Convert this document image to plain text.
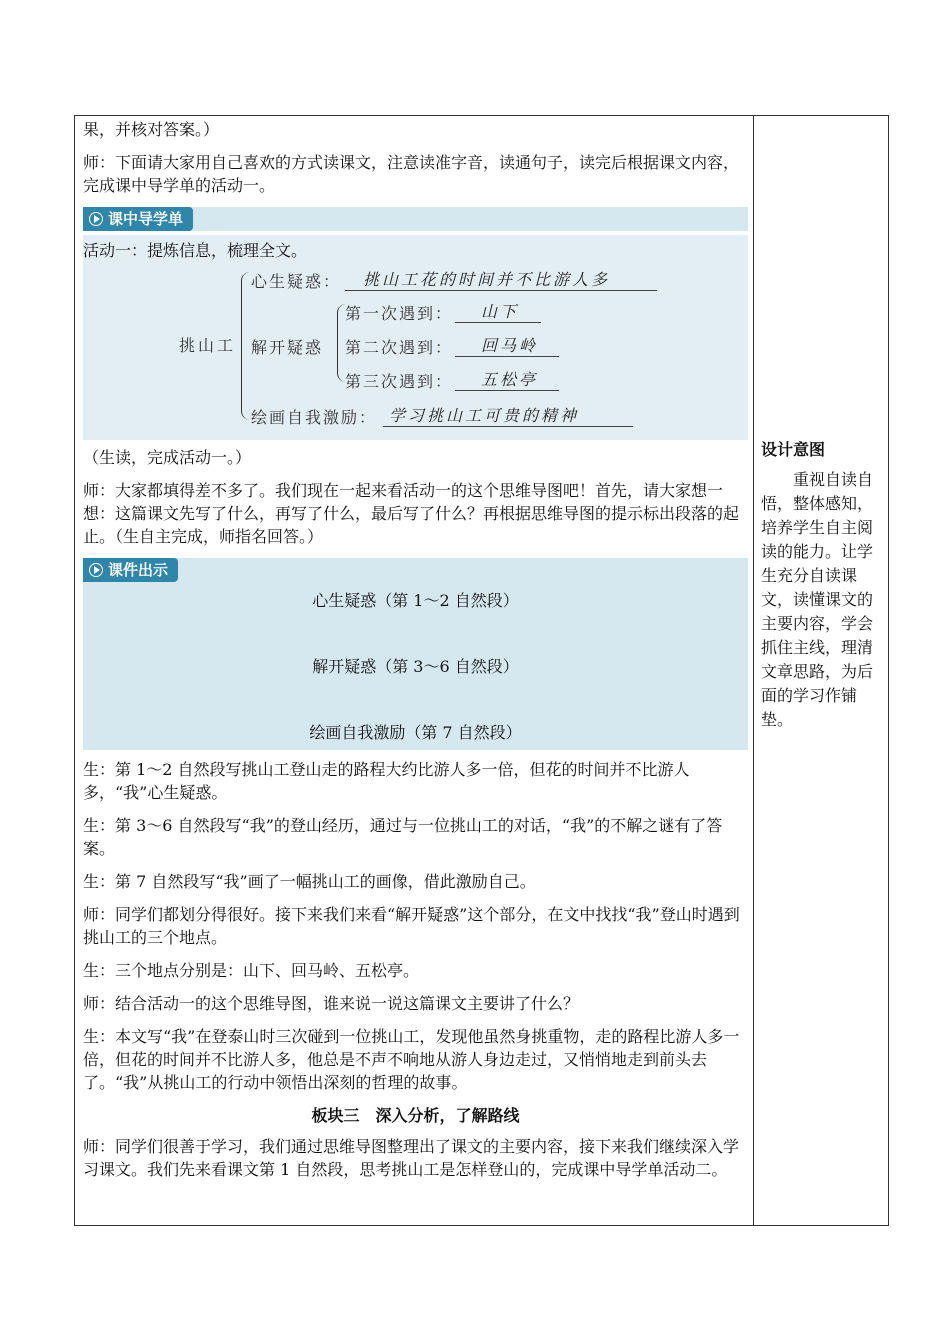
果，并核对答案。）

师：下面请大家用自己喜欢的方式读课文，注意读准字音，读通句子，读完后根据课文内容，完成课中导学单的活动一。

课中导学单
活动一：提炼信息，梳理全文。
挑山工
心生疑惑： 挑山工花的时间并不比游人多
解开疑惑
第一次遇到： 山下
第二次遇到： 回马岭
第三次遇到： 五松亭
绘画自我激励： 学习挑山工可贵的精神

（生读，完成活动一。）

师：大家都填得差不多了。我们现在一起来看活动一的这个思维导图吧！首先，请大家想一想：这篇课文先写了什么，再写了什么，最后写了什么？再根据思维导图的提示标出段落的起止。（生自主完成，师指名回答。）

课件出示
心生疑惑（第 1～2 自然段）
解开疑惑（第 3～6 自然段）
绘画自我激励（第 7 自然段）

生：第 1～2 自然段写挑山工登山走的路程大约比游人多一倍，但花的时间并不比游人多，“我”心生疑惑。

生：第 3～6 自然段写“我”的登山经历，通过与一位挑山工的对话，“我”的不解之谜有了答案。

生：第 7 自然段写“我”画了一幅挑山工的画像，借此激励自己。

师：同学们都划分得很好。接下来我们来看“解开疑惑”这个部分，在文中找找“我”登山时遇到挑山工的三个地点。

生：三个地点分别是：山下、回马岭、五松亭。

师：结合活动一的这个思维导图，谁来说一说这篇课文主要讲了什么？

生：本文写“我”在登泰山时三次碰到一位挑山工，发现他虽然身挑重物，走的路程比游人多一倍，但花的时间并不比游人多，他总是不声不响地从游人身边走过，又悄悄地走到前头去了。“我”从挑山工的行动中领悟出深刻的哲理的故事。

板块三　深入分析，了解路线

师：同学们很善于学习，我们通过思维导图整理出了课文的主要内容，接下来我们继续深入学习课文。我们先来看课文第 1 自然段，思考挑山工是怎样登山的，完成课中导学单活动二。

设计意图
　　重视自读自悟，整体感知，培养学生自主阅读的能力。让学生充分自读课文，读懂课文的主要内容，学会抓住主线，理清文章思路，为后面的学习作铺垫。
